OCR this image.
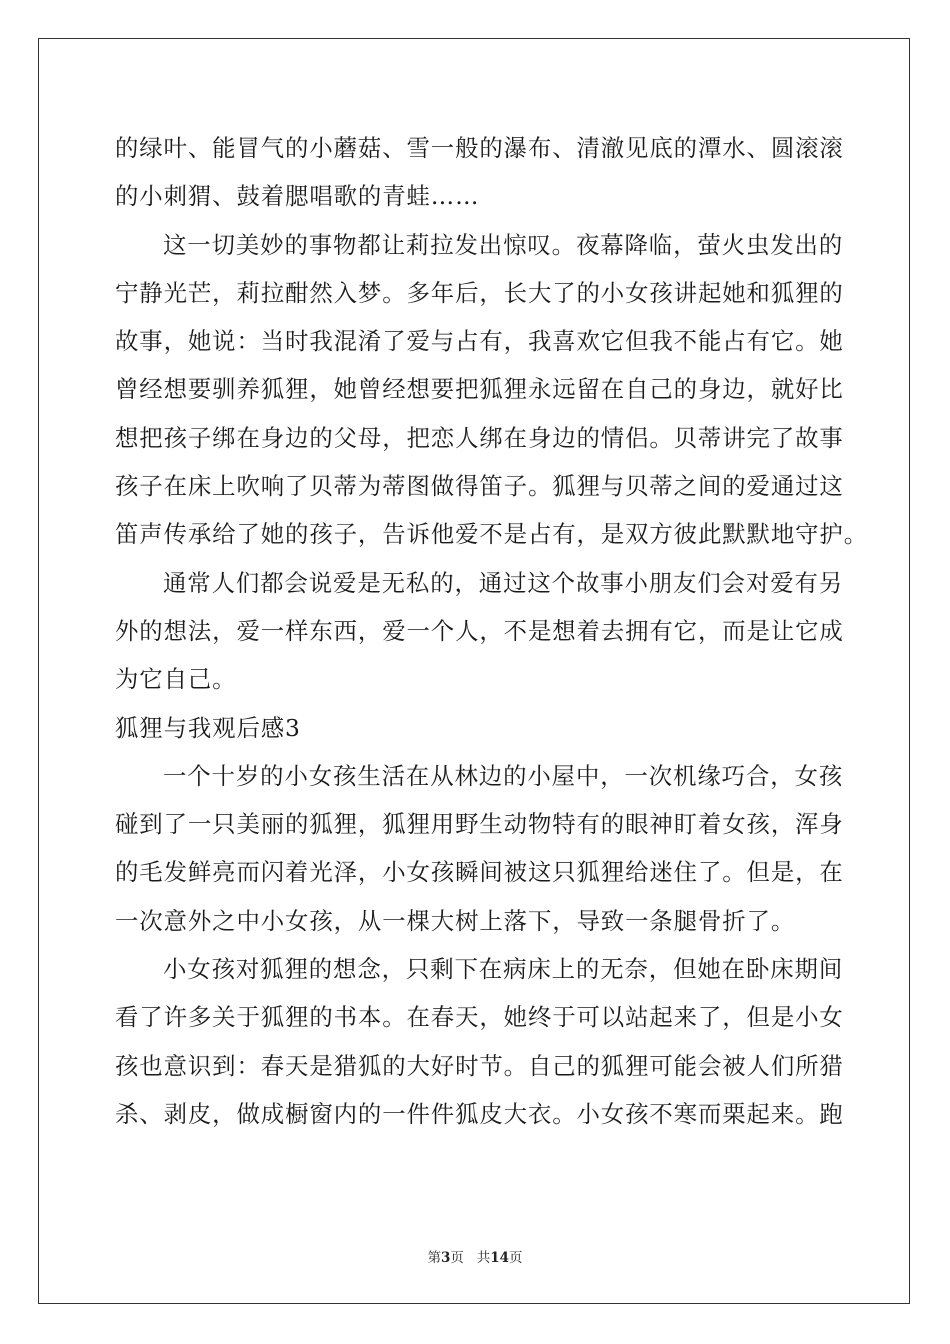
的绿叶、能冒气的小蘑菇、雪一般的瀑布、清澈见底的潭水、圆滚滚
的小刺猬、鼓着腮唱歌的青蛙……
这一切美妙的事物都让莉拉发出惊叹。夜幕降临，萤火虫发出的
宁静光芒，莉拉酣然入梦。多年后，长大了的小女孩讲起她和狐狸的
故事，她说：当时我混淆了爱与占有，我喜欢它但我不能占有它。她
曾经想要驯养狐狸，她曾经想要把狐狸永远留在自己的身边，就好比
想把孩子绑在身边的父母，把恋人绑在身边的情侣。贝蒂讲完了故事
孩子在床上吹响了贝蒂为蒂图做得笛子。狐狸与贝蒂之间的爱通过这
笛声传承给了她的孩子，告诉他爱不是占有，是双方彼此默默地守护。
通常人们都会说爱是无私的，通过这个故事小朋友们会对爱有另
外的想法，爱一样东西，爱一个人，不是想着去拥有它，而是让它成
为它自己。
狐狸与我观后感3
一个十岁的小女孩生活在从林边的小屋中，一次机缘巧合，女孩
碰到了一只美丽的狐狸，狐狸用野生动物特有的眼神盯着女孩，浑身
的毛发鲜亮而闪着光泽，小女孩瞬间被这只狐狸给迷住了。但是，在
一次意外之中小女孩，从一棵大树上落下，导致一条腿骨折了。
小女孩对狐狸的想念，只剩下在病床上的无奈，但她在卧床期间
看了许多关于狐狸的书本。在春天，她终于可以站起来了，但是小女
孩也意识到：春天是猎狐的大好时节。自己的狐狸可能会被人们所猎
杀、剥皮，做成橱窗内的一件件狐皮大衣。小女孩不寒而栗起来。跑
第3页 共14页
